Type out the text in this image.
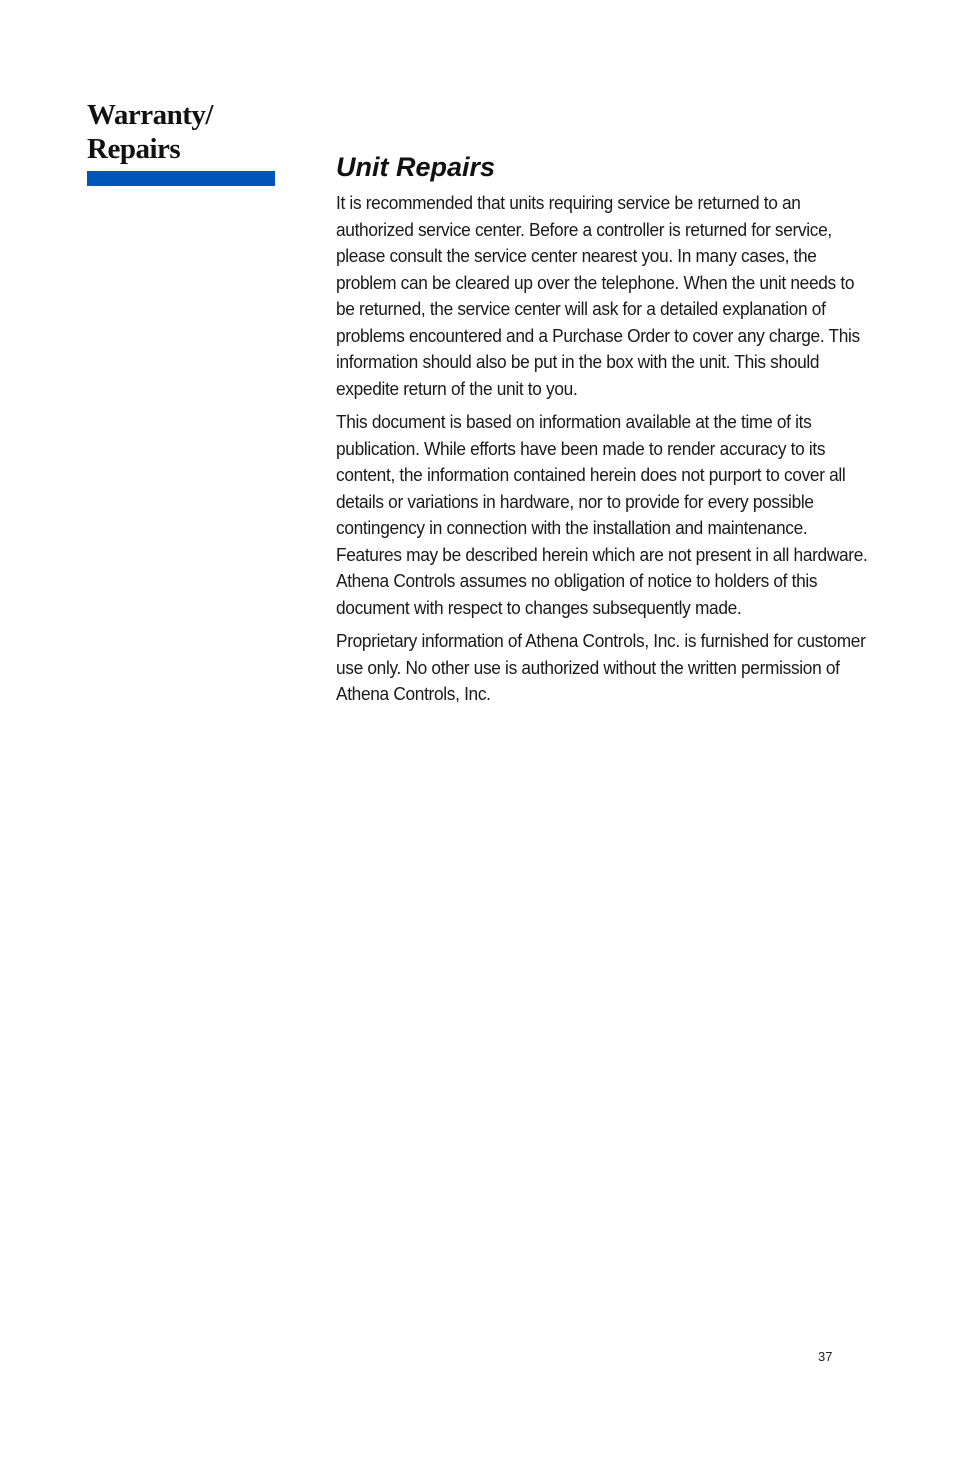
Warranty/
Repairs
Unit Repairs

It is recommended that units requiring service be returned to an authorized service center. Before a controller is returned for service, please consult the service center nearest you. In many cases, the problem can be cleared up over the telephone. When the unit needs to be returned, the service center will ask for a detailed explanation of problems encountered and a Purchase Order to cover any charge. This information should also be put in the box with the unit. This should expedite return of the unit to you.

This document is based on information available at the time of its publication. While efforts have been made to render accuracy to its content, the information contained herein does not purport to cover all details or variations in hardware, nor to provide for every possible contingency in connection with the installation and maintenance. Features may be described herein which are not present in all hardware. Athena Controls assumes no obligation of notice to holders of this document with respect to changes subsequently made.

Proprietary information of Athena Controls, Inc. is furnished for customer use only. No other use is authorized without the written permission of Athena Controls, Inc.

37
